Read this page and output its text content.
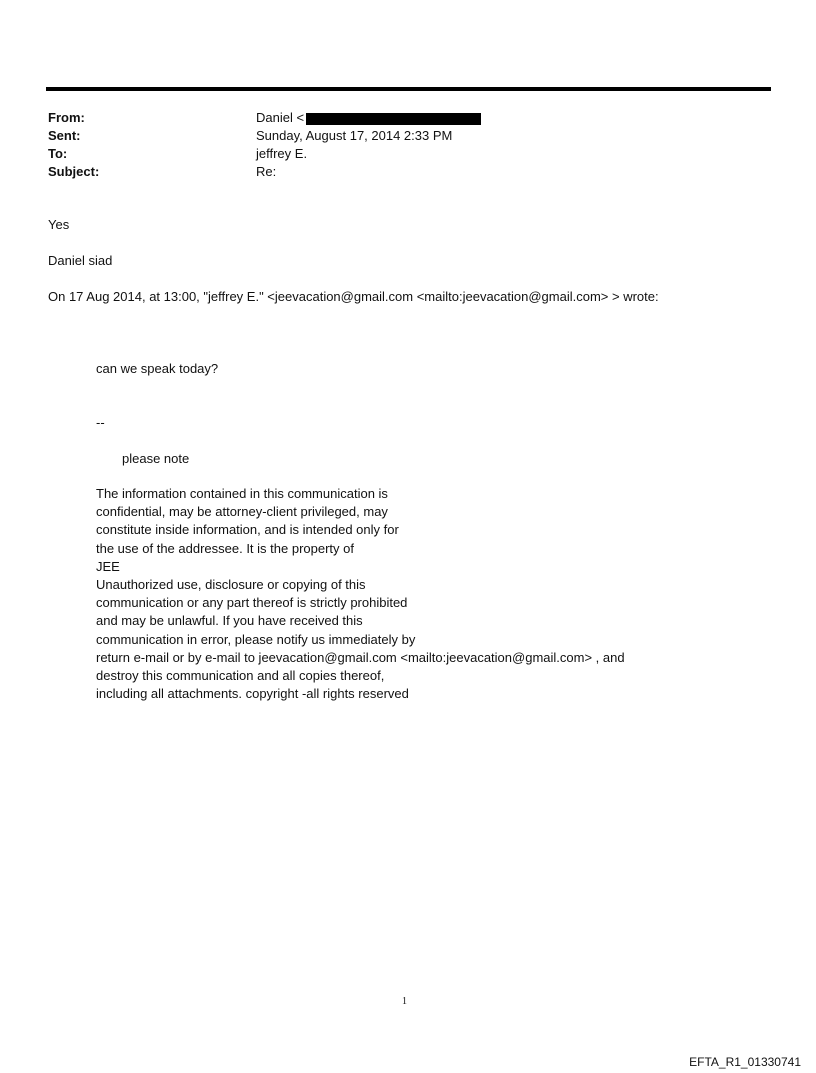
From:	Daniel <
Sent:	Sunday, August 17, 2014 2:33 PM
To:	jeffrey E.
Subject:	Re:
Yes
Daniel siad
On 17 Aug 2014, at 13:00, "jeffrey E." <jeevacation@gmail.com <mailto:jeevacation@gmail.com> > wrote:
can we speak today?
--
please note
The information contained in this communication is
confidential, may be attorney-client privileged, may
constitute inside information, and is intended only for
the use of the addressee. It is the property of
JEE
Unauthorized use, disclosure or copying of this
communication or any part thereof is strictly prohibited
and may be unlawful. If you have received this
communication in error, please notify us immediately by
return e-mail or by e-mail to jeevacation@gmail.com <mailto:jeevacation@gmail.com> , and
destroy this communication and all copies thereof,
including all attachments. copyright -all rights reserved
1
EFTA_R1_01330741
